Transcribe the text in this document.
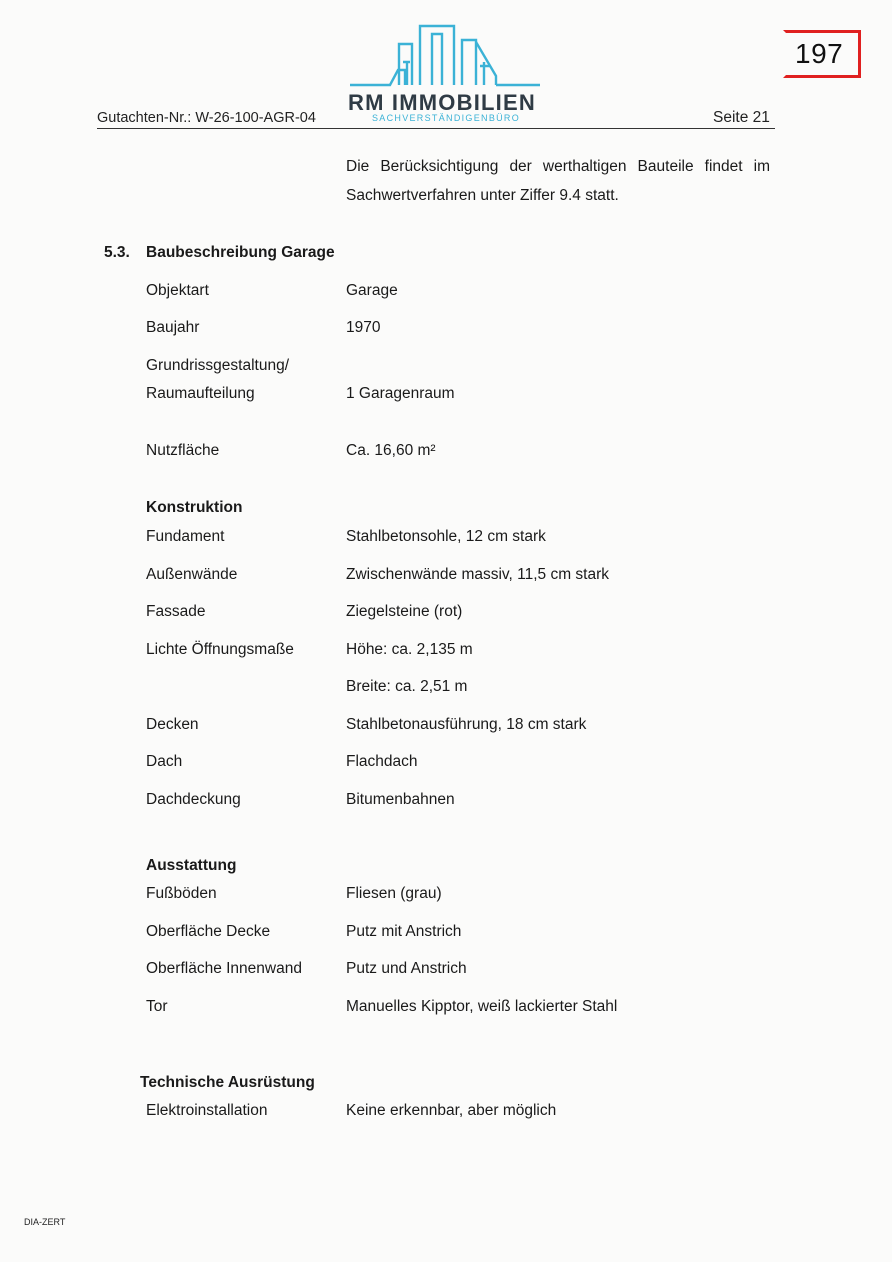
197
RM IMMOBILIEN
SACHVERSTÄNDIGENBÜRO
Gutachten-Nr.: W-26-100-AGR-04	Seite 21
Die Berücksichtigung der werthaltigen Bauteile findet im
Sachwertverfahren unter Ziffer 9.4 statt.
5.3. Baubeschreibung Garage
Objektart	Garage
Baujahr	1970
Grundrissgestaltung/
Raumaufteilung	1 Garagenraum
Nutzfläche	Ca. 16,60 m²
Konstruktion
Fundament	Stahlbetonsohle, 12 cm stark
Außenwände	Zwischenwände massiv, 11,5 cm stark
Fassade	Ziegelsteine (rot)
Lichte Öffnungsmaße	Höhe: ca. 2,135 m
Breite: ca. 2,51 m
Decken	Stahlbetonausführung, 18 cm stark
Dach	Flachdach
Dachdeckung	Bitumenbahnen
Ausstattung
Fußböden	Fliesen (grau)
Oberfläche Decke	Putz mit Anstrich
Oberfläche Innenwand	Putz und Anstrich
Tor	Manuelles Kipptor, weiß lackierter Stahl
Technische Ausrüstung
Elektroinstallation	Keine erkennbar, aber möglich
DIA-ZERT
